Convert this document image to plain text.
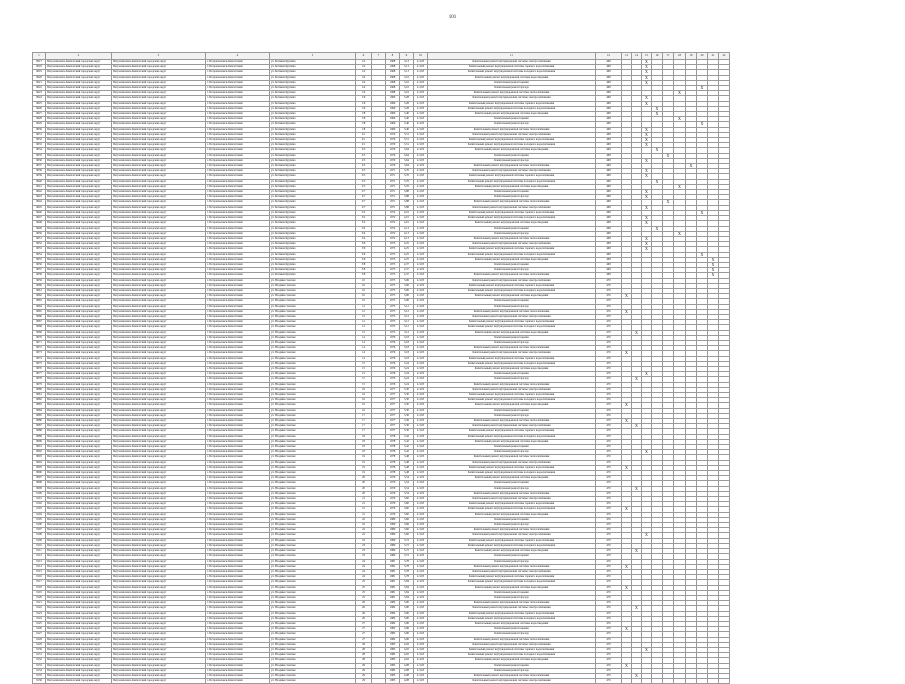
101
1	2	3	4	5	6	7	8	9	10	11	12	13	14	15	16	17	18	19	20	21	22
9017	Петропавловск-Камчатский городской округ	Петропавловск-Камчатский городской округ	г. Петропавловск-Камчатский	ул. Ботвина Курчина	1/2		1968	3,13	2-3,05	Капитальный ремонт внутридомовой системы электроснабжения	468			X							
9018	Петропавловск-Камчатский городской округ	Петропавловск-Камчатский городской округ	г. Петропавловск-Камчатский	ул. Ботвина Курчина	1/2		1968	3,13	2-3,05	Капитальный ремонт внутридомовой системы горячего водоснабжения	468			X							
9019	Петропавловск-Камчатский городской округ	Петропавловск-Камчатский городской округ	г. Петропавловск-Камчатский	ул. Ботвина Курчина	1/2		1968	3,13	2-3,05	Капитальный ремонт внутридомовой системы холодного водоснабжения	468			X							
9020	Петропавловск-Камчатский городской округ	Петропавловск-Камчатский городской округ	г. Петропавловск-Камчатский	ул. Ботвина Курчина	1/4		1968	3,16	2-3,05	Капитальный ремонт внутридомовой системы водоотведения	468			X							
9021	Петропавловск-Камчатский городской округ	Петропавловск-Камчатский городской округ	г. Петропавловск-Камчатский	ул. Ботвина Курчина	1/4		1968	3,16	2-3,05	Капитальный ремонт крыши	468			X							
9022	Петропавловск-Камчатский городской округ	Петропавловск-Камчатский городской округ	г. Петропавловск-Камчатский	ул. Ботвина Курчина	1/4		1968	3,16	2-3,05	Капитальный ремонт фасада	468								X		
9023	Петропавловск-Камчатский городской округ	Петропавловск-Камчатский городской округ	г. Петропавловск-Камчатский	ул. Ботвина Курчина	1/4		1968	3,16	2-3,05	Капитальный ремонт внутридомовой системы теплоснабжения	468						X				
9024	Петропавловск-Камчатский городской округ	Петропавловск-Камчатский городской округ	г. Петропавловск-Камчатский	ул. Ботвина Курчина	1/6		1969	3,28	2-3,05	Капитальный ремонт внутридомовой системы электроснабжения	468			X							
9025	Петропавловск-Камчатский городской округ	Петропавловск-Камчатский городской округ	г. Петропавловск-Камчатский	ул. Ботвина Курчина	1/6		1969	3,28	2-3,05	Капитальный ремонт внутридомовой системы горячего водоснабжения	468			X							
9026	Петропавловск-Камчатский городской округ	Петропавловск-Камчатский городской округ	г. Петропавловск-Камчатский	ул. Ботвина Курчина	1/6		1969	3,28	2-3,05	Капитальный ремонт внутридомовой системы холодного водоснабжения	468				X						
9027	Петропавловск-Камчатский городской округ	Петропавловск-Камчатский городской округ	г. Петропавловск-Камчатский	ул. Ботвина Курчина	1/8		1969	3,40	2-3,05	Капитальный ремонт внутридомовой системы водоотведения	468				X						
9028	Петропавловск-Камчатский городской округ	Петропавловск-Камчатский городской округ	г. Петропавловск-Камчатский	ул. Ботвина Курчина	1/8		1969	3,40	2-3,05	Капитальный ремонт крыши	468						X				
9029	Петропавловск-Камчатский городской округ	Петропавловск-Камчатский городской округ	г. Петропавловск-Камчатский	ул. Ботвина Курчина	1/8		1969	3,40	2-3,05	Капитальный ремонт фасада	468								X		
9030	Петропавловск-Камчатский городской округ	Петропавловск-Камчатский городской округ	г. Петропавловск-Камчатский	ул. Ботвина Курчина	1/8		1969	3,40	2-3,05	Капитальный ремонт внутридомовой системы теплоснабжения	468			X							
9031	Петропавловск-Камчатский городской округ	Петропавловск-Камчатский городской округ	г. Петропавловск-Камчатский	ул. Ботвина Курчина	2/1		1970	3,51	2-3,05	Капитальный ремонт внутридомовой системы электроснабжения	468			X							
9032	Петропавловск-Камчатский городской округ	Петропавловск-Камчатский городской округ	г. Петропавловск-Камчатский	ул. Ботвина Курчина	2/1		1970	3,51	2-3,05	Капитальный ремонт внутридомовой системы горячего водоснабжения	468			X							
9033	Петропавловск-Камчатский городской округ	Петропавловск-Камчатский городской округ	г. Петропавловск-Камчатский	ул. Ботвина Курчина	2/1		1970	3,51	2-3,05	Капитальный ремонт внутридомовой системы холодного водоснабжения	468			X							
9034	Петропавловск-Камчатский городской округ	Петропавловск-Камчатский городской округ	г. Петропавловск-Камчатский	ул. Ботвина Курчина	2/3		1970	3,64	2-3,05	Капитальный ремонт внутридомовой системы водоотведения	468				X						
9035	Петропавловск-Камчатский городской округ	Петропавловск-Камчатский городской округ	г. Петропавловск-Камчатский	ул. Ботвина Курчина	2/3		1970	3,64	2-3,05	Капитальный ремонт крыши	468					X					
9036	Петропавловск-Камчатский городской округ	Петропавловск-Камчатский городской округ	г. Петропавловск-Камчатский	ул. Ботвина Курчина	2/3		1970	3,64	2-3,05	Капитальный ремонт фасада	468			X							
9037	Петропавловск-Камчатский городской округ	Петропавловск-Камчатский городской округ	г. Петропавловск-Камчатский	ул. Ботвина Курчина	2/3		1970	3,64	2-3,05	Капитальный ремонт внутридомовой системы теплоснабжения	468							X			
9038	Петропавловск-Камчатский городской округ	Петропавловск-Камчатский городской округ	г. Петропавловск-Камчатский	ул. Ботвина Курчина	2/5		1971	3,76	2-3,05	Капитальный ремонт внутридомовой системы электроснабжения	468			X							
9039	Петропавловск-Камчатский городской округ	Петропавловск-Камчатский городской округ	г. Петропавловск-Камчатский	ул. Ботвина Курчина	2/5		1971	3,76	2-3,05	Капитальный ремонт внутридомовой системы горячего водоснабжения	468			X							
9040	Петропавловск-Камчатский городской округ	Петропавловск-Камчатский городской округ	г. Петропавловск-Камчатский	ул. Ботвина Курчина	2/5		1971	3,76	2-3,05	Капитальный ремонт внутридомовой системы холодного водоснабжения	468				X						
9041	Петропавловск-Камчатский городской округ	Петропавловск-Камчатский городской округ	г. Петропавловск-Камчатский	ул. Ботвина Курчина	2/5		1971	3,76	2-3,05	Капитальный ремонт внутридомовой системы водоотведения	468						X				
9042	Петропавловск-Камчатский городской округ	Петропавловск-Камчатский городской округ	г. Петропавловск-Камчатский	ул. Ботвина Курчина	2/7		1971	3,88	2-3,05	Капитальный ремонт крыши	468			X							
9043	Петропавловск-Камчатский городской округ	Петропавловск-Камчатский городской округ	г. Петропавловск-Камчатский	ул. Ботвина Курчина	2/7		1971	3,88	2-3,05	Капитальный ремонт фасада	468			X							
9044	Петропавловск-Камчатский городской округ	Петропавловск-Камчатский городской округ	г. Петропавловск-Камчатский	ул. Ботвина Курчина	2/7		1971	3,88	2-3,05	Капитальный ремонт внутридомовой системы теплоснабжения	468					X					
9045	Петропавловск-Камчатский городской округ	Петропавловск-Камчатский городской округ	г. Петропавловск-Камчатский	ул. Ботвина Курчина	2/7		1971	3,88	2-3,05	Капитальный ремонт внутридомовой системы электроснабжения	468			X							
9046	Петропавловск-Камчатский городской округ	Петропавловск-Камчатский городской округ	г. Петропавловск-Камчатский	ул. Ботвина Курчина	3/2		1972	4,01	2-3,05	Капитальный ремонт внутридомовой системы горячего водоснабжения	468								X		
9047	Петропавловск-Камчатский городской округ	Петропавловск-Камчатский городской округ	г. Петропавловск-Камчатский	ул. Ботвина Курчина	3/2		1972	4,01	2-3,05	Капитальный ремонт внутридомовой системы холодного водоснабжения	468			X							
9048	Петропавловск-Камчатский городской округ	Петропавловск-Камчатский городской округ	г. Петропавловск-Камчатский	ул. Ботвина Курчина	3/2		1972	4,01	2-3,05	Капитальный ремонт внутридомовой системы водоотведения	468			X							
9049	Петропавловск-Камчатский городской округ	Петропавловск-Камчатский городской округ	г. Петропавловск-Камчатский	ул. Ботвина Курчина	3/4		1972	4,13	2-3,05	Капитальный ремонт крыши	468				X						
9050	Петропавловск-Камчатский городской округ	Петропавловск-Камчатский городской округ	г. Петропавловск-Камчатский	ул. Ботвина Курчина	3/4		1972	4,13	2-3,05	Капитальный ремонт фасада	468						X				
9051	Петропавловск-Камчатский городской округ	Петропавловск-Камчатский городской округ	г. Петропавловск-Камчатский	ул. Ботвина Курчина	3/4		1972	4,13	2-3,05	Капитальный ремонт внутридомовой системы теплоснабжения	468			X							
9052	Петропавловск-Камчатский городской округ	Петропавловск-Камчатский городской округ	г. Петропавловск-Камчатский	ул. Ботвина Курчина	3/6		1973	4,25	2-3,05	Капитальный ремонт внутридомовой системы электроснабжения	468			X							
9053	Петропавловск-Камчатский городской округ	Петропавловск-Камчатский городской округ	г. Петропавловск-Камчатский	ул. Ботвина Курчина	3/6		1973	4,25	2-3,05	Капитальный ремонт внутридомовой системы горячего водоснабжения	468			X							
9054	Петропавловск-Камчатский городской округ	Петропавловск-Камчатский городской округ	г. Петропавловск-Камчатский	ул. Ботвина Курчина	3/6		1973	4,25	2-3,05	Капитальный ремонт внутридомовой системы холодного водоснабжения	468								X		
9055	Петропавловск-Камчатский городской округ	Петропавловск-Камчатский городской округ	г. Петропавловск-Камчатский	ул. Ботвина Курчина	3/6		1973	4,25	2-3,05	Капитальный ремонт внутридомовой системы водоотведения	468									X	
9056	Петропавловск-Камчатский городской округ	Петропавловск-Камчатский городской округ	г. Петропавловск-Камчатский	ул. Ботвина Курчина	3/8		1973	4,37	2-3,05	Капитальный ремонт крыши	468									X	
9057	Петропавловск-Камчатский городской округ	Петропавловск-Камчатский городской округ	г. Петропавловск-Камчатский	ул. Ботвина Курчина	3/8		1973	4,37	2-3,05	Капитальный ремонт фасада	468									X	
9058	Петропавловск-Камчатский городской округ	Петропавловск-Камчатский городской округ	г. Петропавловск-Камчатский	ул. Ботвина Курчина	3/8		1973	4,37	2-3,05	Капитальный ремонт внутридомовой системы теплоснабжения	468									X	
9059	Петропавловск-Камчатский городской округ	Петропавловск-Камчатский городской округ	г. Петропавловск-Камчатский	ул. Владивостокская	10		1975	3,06	2-3,05	Капитальный ремонт внутридомовой системы электроснабжения	470										
9060	Петропавловск-Камчатский городской округ	Петропавловск-Камчатский городской округ	г. Петропавловск-Камчатский	ул. Владивостокская	10		1975	3,06	2-3,05	Капитальный ремонт внутридомовой системы горячего водоснабжения	470										
9061	Петропавловск-Камчатский городской округ	Петропавловск-Камчатский городской округ	г. Петропавловск-Камчатский	ул. Владивостокская	10		1975	3,06	2-3,05	Капитальный ремонт внутридомовой системы холодного водоснабжения	470										
9062	Петропавловск-Камчатский городской округ	Петропавловск-Камчатский городской округ	г. Петропавловск-Камчатский	ул. Владивостокская	10		1975	3,06	2-3,05	Капитальный ремонт внутридомовой системы водоотведения	470	X									
9063	Петропавловск-Камчатский городской округ	Петропавловск-Камчатский городской округ	г. Петропавловск-Камчатский	ул. Владивостокская	10		1975	3,06	2-3,05	Капитальный ремонт крыши	470										
9064	Петропавловск-Камчатский городской округ	Петропавловск-Камчатский городской округ	г. Петропавловск-Камчатский	ул. Владивостокская	12		1975	3,12	2-3,05	Капитальный ремонт фасада	470										
9065	Петропавловск-Камчатский городской округ	Петропавловск-Камчатский городской округ	г. Петропавловск-Камчатский	ул. Владивостокская	12		1975	3,12	2-3,05	Капитальный ремонт внутридомовой системы теплоснабжения	470	X									
9066	Петропавловск-Камчатский городской округ	Петропавловск-Камчатский городской округ	г. Петропавловск-Камчатский	ул. Владивостокская	12		1975	3,12	2-3,05	Капитальный ремонт внутридомовой системы электроснабжения	470										
9067	Петропавловск-Камчатский городской округ	Петропавловск-Камчатский городской округ	г. Петропавловск-Камчатский	ул. Владивостокская	12		1975	3,12	2-3,05	Капитальный ремонт внутридомовой системы горячего водоснабжения	470										
9068	Петропавловск-Камчатский городской округ	Петропавловск-Камчатский городской округ	г. Петропавловск-Камчатский	ул. Владивостокская	12		1975	3,12	2-3,05	Капитальный ремонт внутридомовой системы холодного водоснабжения	470										
9069	Петропавловск-Камчатский городской округ	Петропавловск-Камчатский городской округ	г. Петропавловск-Камчатский	ул. Владивостокская	12		1975	3,12	2-3,05	Капитальный ремонт внутридомовой системы водоотведения	470		X								
9070	Петропавловск-Камчатский городской округ	Петропавловск-Камчатский городской округ	г. Петропавловск-Камчатский	ул. Владивостокская	14		1976	3,18	2-3,05	Капитальный ремонт крыши	470										
9071	Петропавловск-Камчатский городской округ	Петропавловск-Камчатский городской округ	г. Петропавловск-Камчатский	ул. Владивостокская	14		1976	3,18	2-3,05	Капитальный ремонт фасада	470										
9072	Петропавловск-Камчатский городской округ	Петропавловск-Камчатский городской округ	г. Петропавловск-Камчатский	ул. Владивостокская	14		1976	3,18	2-3,05	Капитальный ремонт внутридомовой системы теплоснабжения	470										
9073	Петропавловск-Камчатский городской округ	Петропавловск-Камчатский городской округ	г. Петропавловск-Камчатский	ул. Владивостокская	14		1976	3,18	2-3,05	Капитальный ремонт внутридомовой системы электроснабжения	470	X									
9074	Петропавловск-Камчатский городской округ	Петропавловск-Камчатский городской округ	г. Петропавловск-Камчатский	ул. Владивостокская	14		1976	3,18	2-3,05	Капитальный ремонт внутридомовой системы горячего водоснабжения	470										
9075	Петропавловск-Камчатский городской округ	Петропавловск-Камчатский городской округ	г. Петропавловск-Камчатский	ул. Владивостокская	15		1976	3,24	2-3,05	Капитальный ремонт внутридомовой системы холодного водоснабжения	470										
9076	Петропавловск-Камчатский городской округ	Петропавловск-Камчатский городской округ	г. Петропавловск-Камчатский	ул. Владивостокская	15		1976	3,24	2-3,05	Капитальный ремонт внутридомовой системы водоотведения	470										
9077	Петропавловск-Камчатский городской округ	Петропавловск-Камчатский городской округ	г. Петропавловск-Камчатский	ул. Владивостокская	15		1976	3,24	2-3,05	Капитальный ремонт крыши	470			X							
9078	Петропавловск-Камчатский городской округ	Петропавловск-Камчатский городской округ	г. Петропавловск-Камчатский	ул. Владивостокская	15		1976	3,24	2-3,05	Капитальный ремонт фасада	470		X								
9079	Петропавловск-Камчатский городской округ	Петропавловск-Камчатский городской округ	г. Петропавловск-Камчатский	ул. Владивостокская	15		1976	3,24	2-3,05	Капитальный ремонт внутридомовой системы теплоснабжения	470										
9080	Петропавловск-Камчатский городской округ	Петропавловск-Камчатский городской округ	г. Петропавловск-Камчатский	ул. Владивостокская	16		1977	3,30	2-3,05	Капитальный ремонт внутридомовой системы электроснабжения	470										
9081	Петропавловск-Камчатский городской округ	Петропавловск-Камчатский городской округ	г. Петропавловск-Камчатский	ул. Владивостокская	16		1977	3,30	2-3,05	Капитальный ремонт внутридомовой системы горячего водоснабжения	470										
9082	Петропавловск-Камчатский городской округ	Петропавловск-Камчатский городской округ	г. Петропавловск-Камчатский	ул. Владивостокская	16		1977	3,30	2-3,05	Капитальный ремонт внутридомовой системы холодного водоснабжения	470										
9083	Петропавловск-Камчатский городской округ	Петропавловск-Камчатский городской округ	г. Петропавловск-Камчатский	ул. Владивостокская	16		1977	3,30	2-3,05	Капитальный ремонт внутридомовой системы водоотведения	470	X									
9084	Петропавловск-Камчатский городской округ	Петропавловск-Камчатский городской округ	г. Петропавловск-Камчатский	ул. Владивостокская	16		1977	3,30	2-3,05	Капитальный ремонт крыши	470										
9085	Петропавловск-Камчатский городской округ	Петропавловск-Камчатский городской округ	г. Петропавловск-Камчатский	ул. Владивостокская	17		1977	3,36	2-3,05	Капитальный ремонт фасада	470										
9086	Петропавловск-Камчатский городской округ	Петропавловск-Камчатский городской округ	г. Петропавловск-Камчатский	ул. Владивостокская	17		1977	3,36	2-3,05	Капитальный ремонт внутридомовой системы теплоснабжения	470	X									
9087	Петропавловск-Камчатский городской округ	Петропавловск-Камчатский городской округ	г. Петропавловск-Камчатский	ул. Владивостокская	17		1977	3,36	2-3,05	Капитальный ремонт внутридомовой системы электроснабжения	470		X								
9088	Петропавловск-Камчатский городской округ	Петропавловск-Камчатский городской округ	г. Петропавловск-Камчатский	ул. Владивостокская	17		1977	3,36	2-3,05	Капитальный ремонт внутридомовой системы горячего водоснабжения	470										
9089	Петропавловск-Камчатский городской округ	Петропавловск-Камчатский городской округ	г. Петропавловск-Камчатский	ул. Владивостокская	18		1978	3,42	2-3,05	Капитальный ремонт внутридомовой системы холодного водоснабжения	470										
9090	Петропавловск-Камчатский городской округ	Петропавловск-Камчатский городской округ	г. Петропавловск-Камчатский	ул. Владивостокская	18		1978	3,42	2-3,05	Капитальный ремонт внутридомовой системы водоотведения	470										
9091	Петропавловск-Камчатский городской округ	Петропавловск-Камчатский городской округ	г. Петропавловск-Камчатский	ул. Владивостокская	18		1978	3,42	2-3,05	Капитальный ремонт крыши	470										
9092	Петропавловск-Камчатский городской округ	Петропавловск-Камчатский городской округ	г. Петропавловск-Камчатский	ул. Владивостокская	18		1978	3,42	2-3,05	Капитальный ремонт фасада	470			X							
9093	Петропавловск-Камчатский городской округ	Петропавловск-Камчатский городской округ	г. Петропавловск-Камчатский	ул. Владивостокская	19		1978	3,48	2-3,05	Капитальный ремонт внутридомовой системы теплоснабжения	470										
9094	Петропавловск-Камчатский городской округ	Петропавловск-Камчатский городской округ	г. Петропавловск-Камчатский	ул. Владивостокская	19		1978	3,48	2-3,05	Капитальный ремонт внутридомовой системы электроснабжения	470										
9095	Петропавловск-Камчатский городской округ	Петропавловск-Камчатский городской округ	г. Петропавловск-Камчатский	ул. Владивостокская	19		1978	3,48	2-3,05	Капитальный ремонт внутридомовой системы горячего водоснабжения	470	X									
9096	Петропавловск-Камчатский городской округ	Петропавловск-Камчатский городской округ	г. Петропавловск-Камчатский	ул. Владивостокская	19		1978	3,48	2-3,05	Капитальный ремонт внутридомовой системы холодного водоснабжения	470										
9097	Петропавловск-Камчатский городской округ	Петропавловск-Камчатский городской округ	г. Петропавловск-Камчатский	ул. Владивостокская	20		1979	3,54	2-3,05	Капитальный ремонт внутридомовой системы водоотведения	470										
9098	Петропавловск-Камчатский городской округ	Петропавловск-Камчатский городской округ	г. Петропавловск-Камчатский	ул. Владивостокская	20		1979	3,54	2-3,05	Капитальный ремонт крыши	470										
9099	Петропавловск-Камчатский городской округ	Петропавловск-Камчатский городской округ	г. Петропавловск-Камчатский	ул. Владивостокская	20		1979	3,54	2-3,05	Капитальный ремонт фасада	470		X								
9100	Петропавловск-Камчатский городской округ	Петропавловск-Камчатский городской округ	г. Петропавловск-Камчатский	ул. Владивостокская	20		1979	3,54	2-3,05	Капитальный ремонт внутридомовой системы теплоснабжения	470										
9101	Петропавловск-Камчатский городской округ	Петропавловск-Камчатский городской округ	г. Петропавловск-Камчатский	ул. Владивостокская	21		1979	3,60	2-3,05	Капитальный ремонт внутридомовой системы электроснабжения	470										
9102	Петропавловск-Камчатский городской округ	Петропавловск-Камчатский городской округ	г. Петропавловск-Камчатский	ул. Владивостокская	21		1979	3,60	2-3,05	Капитальный ремонт внутридомовой системы горячего водоснабжения	470										
9103	Петропавловск-Камчатский городской округ	Петропавловск-Камчатский городской округ	г. Петропавловск-Камчатский	ул. Владивостокская	21		1979	3,60	2-3,05	Капитальный ремонт внутридомовой системы холодного водоснабжения	470	X									
9104	Петропавловск-Камчатский городской округ	Петропавловск-Камчатский городской округ	г. Петропавловск-Камчатский	ул. Владивостокская	21		1979	3,60	2-3,05	Капитальный ремонт внутридомовой системы водоотведения	470										
9105	Петропавловск-Камчатский городской округ	Петропавловск-Камчатский городской округ	г. Петропавловск-Камчатский	ул. Владивостокская	22		1980	3,66	2-3,05	Капитальный ремонт крыши	470										
9106	Петропавловск-Камчатский городской округ	Петропавловск-Камчатский городской округ	г. Петропавловск-Камчатский	ул. Владивостокская	22		1980	3,66	2-3,05	Капитальный ремонт фасада	470										
9107	Петропавловск-Камчатский городской округ	Петропавловск-Камчатский городской округ	г. Петропавловск-Камчатский	ул. Владивостокская	22		1980	3,66	2-3,05	Капитальный ремонт внутридомовой системы теплоснабжения	470										
9108	Петропавловск-Камчатский городской округ	Петропавловск-Камчатский городской округ	г. Петропавловск-Камчатский	ул. Владивостокская	22		1980	3,66	2-3,05	Капитальный ремонт внутридомовой системы электроснабжения	470			X							
9109	Петропавловск-Камчатский городской округ	Петропавловск-Камчатский городской округ	г. Петропавловск-Камчатский	ул. Владивостокская	23		1980	3,72	2-3,05	Капитальный ремонт внутридомовой системы горячего водоснабжения	470										
9110	Петропавловск-Камчатский городской округ	Петропавловск-Камчатский городской округ	г. Петропавловск-Камчатский	ул. Владивостокская	23		1980	3,72	2-3,05	Капитальный ремонт внутридомовой системы холодного водоснабжения	470										
9111	Петропавловск-Камчатский городской округ	Петропавловск-Камчатский городской округ	г. Петропавловск-Камчатский	ул. Владивостокская	23		1980	3,72	2-3,05	Капитальный ремонт внутридомовой системы водоотведения	470		X								
9112	Петропавловск-Камчатский городской округ	Петропавловск-Камчатский городской округ	г. Петропавловск-Камчатский	ул. Владивостокская	23		1980	3,72	2-3,05	Капитальный ремонт крыши	470										
9113	Петропавловск-Камчатский городской округ	Петропавловск-Камчатский городской округ	г. Петропавловск-Камчатский	ул. Владивостокская	24		1981	3,78	2-3,05	Капитальный ремонт фасада	470										
9114	Петропавловск-Камчатский городской округ	Петропавловск-Камчатский городской округ	г. Петропавловск-Камчатский	ул. Владивостокская	24		1981	3,78	2-3,05	Капитальный ремонт внутридомовой системы теплоснабжения	470	X									
9115	Петропавловск-Камчатский городской округ	Петропавловск-Камчатский городской округ	г. Петропавловск-Камчатский	ул. Владивостокская	24		1981	3,78	2-3,05	Капитальный ремонт внутридомовой системы электроснабжения	470										
9116	Петропавловск-Камчатский городской округ	Петропавловск-Камчатский городской округ	г. Петропавловск-Камчатский	ул. Владивостокская	24		1981	3,78	2-3,05	Капитальный ремонт внутридомовой системы горячего водоснабжения	470										
9117	Петропавловск-Камчатский городской округ	Петропавловск-Камчатский городской округ	г. Петропавловск-Камчатский	ул. Владивостокская	25		1981	3,84	2-3,05	Капитальный ремонт внутридомовой системы холодного водоснабжения	470										
9118	Петропавловск-Камчатский городской округ	Петропавловск-Камчатский городской округ	г. Петропавловск-Камчатский	ул. Владивостокская	25		1981	3,84	2-3,05	Капитальный ремонт внутридомовой системы водоотведения	470	X									
9119	Петропавловск-Камчатский городской округ	Петропавловск-Камчатский городской округ	г. Петропавловск-Камчатский	ул. Владивостокская	25		1981	3,84	2-3,05	Капитальный ремонт крыши	470										
9120	Петропавловск-Камчатский городской округ	Петропавловск-Камчатский городской округ	г. Петропавловск-Камчатский	ул. Владивостокская	25		1981	3,84	2-3,05	Капитальный ремонт фасада	470										
9121	Петропавловск-Камчатский городской округ	Петропавловск-Камчатский городской округ	г. Петропавловск-Камчатский	ул. Владивостокская	26		1982	3,90	2-3,05	Капитальный ремонт внутридомовой системы теплоснабжения	470										
9122	Петропавловск-Камчатский городской округ	Петропавловск-Камчатский городской округ	г. Петропавловск-Камчатский	ул. Владивостокская	26		1982	3,90	2-3,05	Капитальный ремонт внутридомовой системы электроснабжения	470		X								
9123	Петропавловск-Камчатский городской округ	Петропавловск-Камчатский городской округ	г. Петропавловск-Камчатский	ул. Владивостокская	26		1982	3,90	2-3,05	Капитальный ремонт внутридомовой системы горячего водоснабжения	470										
9124	Петропавловск-Камчатский городской округ	Петропавловск-Камчатский городской округ	г. Петропавловск-Камчатский	ул. Владивостокская	26		1982	3,90	2-3,05	Капитальный ремонт внутридомовой системы холодного водоснабжения	470										
9125	Петропавловск-Камчатский городской округ	Петропавловск-Камчатский городской округ	г. Петропавловск-Камчатский	ул. Владивостокская	27		1982	3,96	2-3,05	Капитальный ремонт внутридомовой системы водоотведения	470										
9126	Петропавловск-Камчатский городской округ	Петропавловск-Камчатский городской округ	г. Петропавловск-Камчатский	ул. Владивостокская	27		1982	3,96	2-3,05	Капитальный ремонт крыши	470	X									
9127	Петропавловск-Камчатский городской округ	Петропавловск-Камчатский городской округ	г. Петропавловск-Камчатский	ул. Владивостокская	27		1982	3,96	2-3,05	Капитальный ремонт фасада	470										
9128	Петропавловск-Камчатский городской округ	Петропавловск-Камчатский городской округ	г. Петропавловск-Камчатский	ул. Владивостокская	27		1982	3,96	2-3,05	Капитальный ремонт внутридомовой системы теплоснабжения	470										
9129	Петропавловск-Камчатский городской округ	Петропавловск-Камчатский городской округ	г. Петропавловск-Камчатский	ул. Владивостокская	28		1983	4,02	2-3,05	Капитальный ремонт внутридомовой системы электроснабжения	470										
9130	Петропавловск-Камчатский городской округ	Петропавловск-Камчатский городской округ	г. Петропавловск-Камчатский	ул. Владивостокская	28		1983	4,02	2-3,05	Капитальный ремонт внутридомовой системы горячего водоснабжения	470			X							
9131	Петропавловск-Камчатский городской округ	Петропавловск-Камчатский городской округ	г. Петропавловск-Камчатский	ул. Владивостокская	28		1983	4,02	2-3,05	Капитальный ремонт внутридомовой системы холодного водоснабжения	470										
9132	Петропавловск-Камчатский городской округ	Петропавловск-Камчатский городской округ	г. Петропавловск-Камчатский	ул. Владивостокская	28		1983	4,02	2-3,05	Капитальный ремонт внутридомовой системы водоотведения	470										
9133	Петропавловск-Камчатский городской округ	Петропавловск-Камчатский городской округ	г. Петропавловск-Камчатский	ул. Владивостокская	29		1983	4,08	2-3,05	Капитальный ремонт крыши	470	X									
9134	Петропавловск-Камчатский городской округ	Петропавловск-Камчатский городской округ	г. Петропавловск-Камчатский	ул. Владивостокская	29		1983	4,08	2-3,05	Капитальный ремонт фасада	470										
9135	Петропавловск-Камчатский городской округ	Петропавловск-Камчатский городской округ	г. Петропавловск-Камчатский	ул. Владивостокская	29		1983	4,08	2-3,05	Капитальный ремонт внутридомовой системы теплоснабжения	470		X								
9136	Петропавловск-Камчатский городской округ	Петропавловск-Камчатский городской округ	г. Петропавловск-Камчатский	ул. Владивостокская	29		1983	4,08	2-3,05	Капитальный ремонт внутридомовой системы электроснабжения	470										
